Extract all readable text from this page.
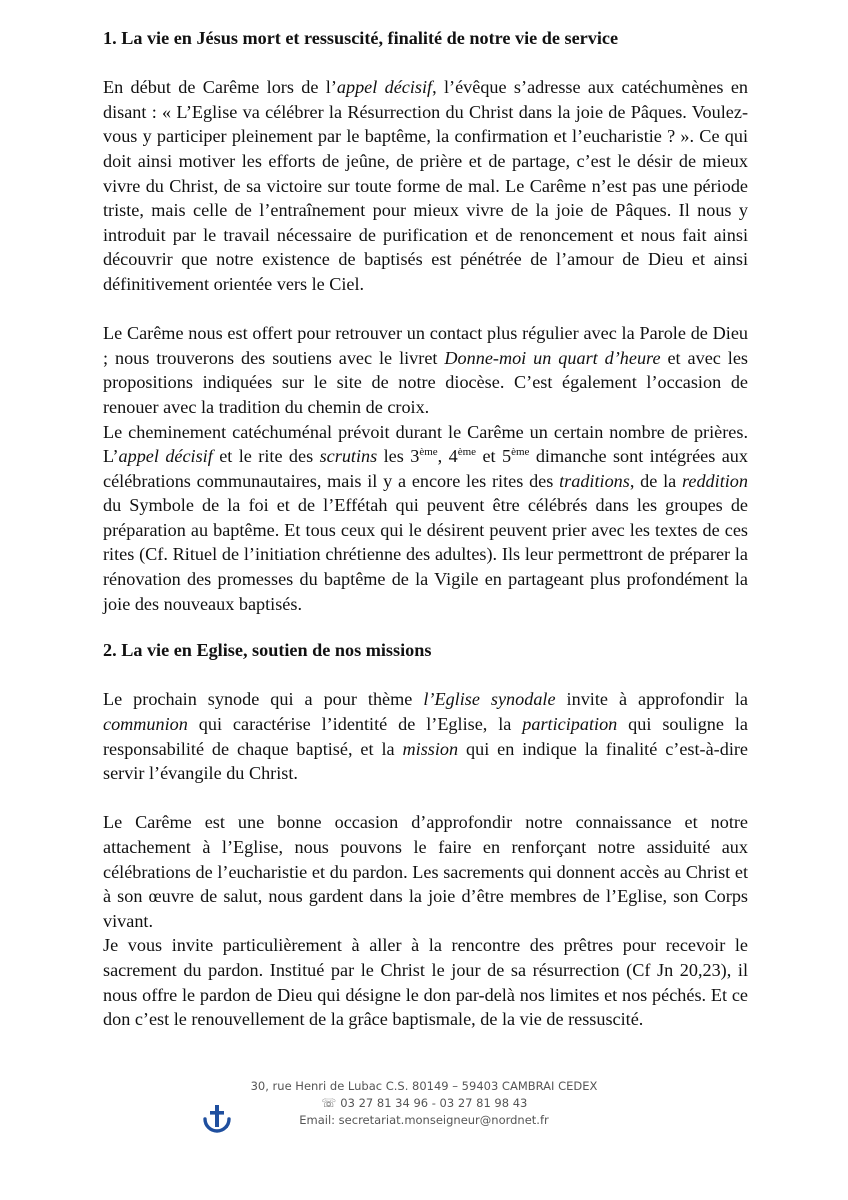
1. La vie en Jésus mort et ressuscité, finalité de notre vie de service

En début de Carême lors de l’appel décisif, l’évêque s’adresse aux catéchumènes en disant : « L’Eglise va célébrer la Résurrection du Christ dans la joie de Pâques. Voulez-vous y participer pleinement par le baptême, la confirmation et l’eucharistie ? ». Ce qui doit ainsi motiver les efforts de jeûne, de prière et de partage, c’est le désir de mieux vivre du Christ, de sa victoire sur toute forme de mal. Le Carême n’est pas une période triste, mais celle de l’entraînement pour mieux vivre de la joie de Pâques. Il nous y introduit par le travail nécessaire de purification et de renoncement et nous fait ainsi découvrir que notre existence de baptisés est pénétrée de l’amour de Dieu et ainsi définitivement orientée vers le Ciel.

Le Carême nous est offert pour retrouver un contact plus régulier avec la Parole de Dieu ; nous trouverons des soutiens avec le livret Donne-moi un quart d’heure et avec les propositions indiquées sur le site de notre diocèse. C’est également l’occasion de renouer avec la tradition du chemin de croix.

Le cheminement catéchuménal prévoit durant le Carême un certain nombre de prières. L’appel décisif et le rite des scrutins les 3ème, 4ème et 5ème dimanche sont intégrées aux célébrations communautaires, mais il y a encore les rites des traditions, de la reddition du Symbole de la foi et de l’Effétah qui peuvent être célébrés dans les groupes de préparation au baptême. Et tous ceux qui le désirent peuvent prier avec les textes de ces rites (Cf. Rituel de l’initiation chrétienne des adultes). Ils leur permettront de préparer la rénovation des promesses du baptême de la Vigile en partageant plus profondément la joie des nouveaux baptisés.

2. La vie en Eglise, soutien de nos missions

Le prochain synode qui a pour thème l’Eglise synodale invite à approfondir la communion qui caractérise l’identité de l’Eglise, la participation qui souligne la responsabilité de chaque baptisé, et la mission qui en indique la finalité c’est-à-dire servir l’évangile du Christ.

Le Carême est une bonne occasion d’approfondir notre connaissance et notre attachement à l’Eglise, nous pouvons le faire en renforçant notre assiduité aux célébrations de l’eucharistie et du pardon. Les sacrements qui donnent accès au Christ et à son œuvre de salut, nous gardent dans la joie d’être membres de l’Eglise, son Corps vivant.

Je vous invite particulièrement à aller à la rencontre des prêtres pour recevoir le sacrement du pardon. Institué par le Christ le jour de sa résurrection (Cf Jn 20,23), il nous offre le pardon de Dieu qui désigne le don par-delà nos limites et nos péchés. Et ce don c’est le renouvellement de la grâce baptismale, de la vie de ressuscité.

30, rue Henri de Lubac C.S. 80149 – 59403 CAMBRAI CEDEX
☏ 03 27 81 34 96 - 03 27 81 98 43
Email: secretariat.monseigneur@nordnet.fr
